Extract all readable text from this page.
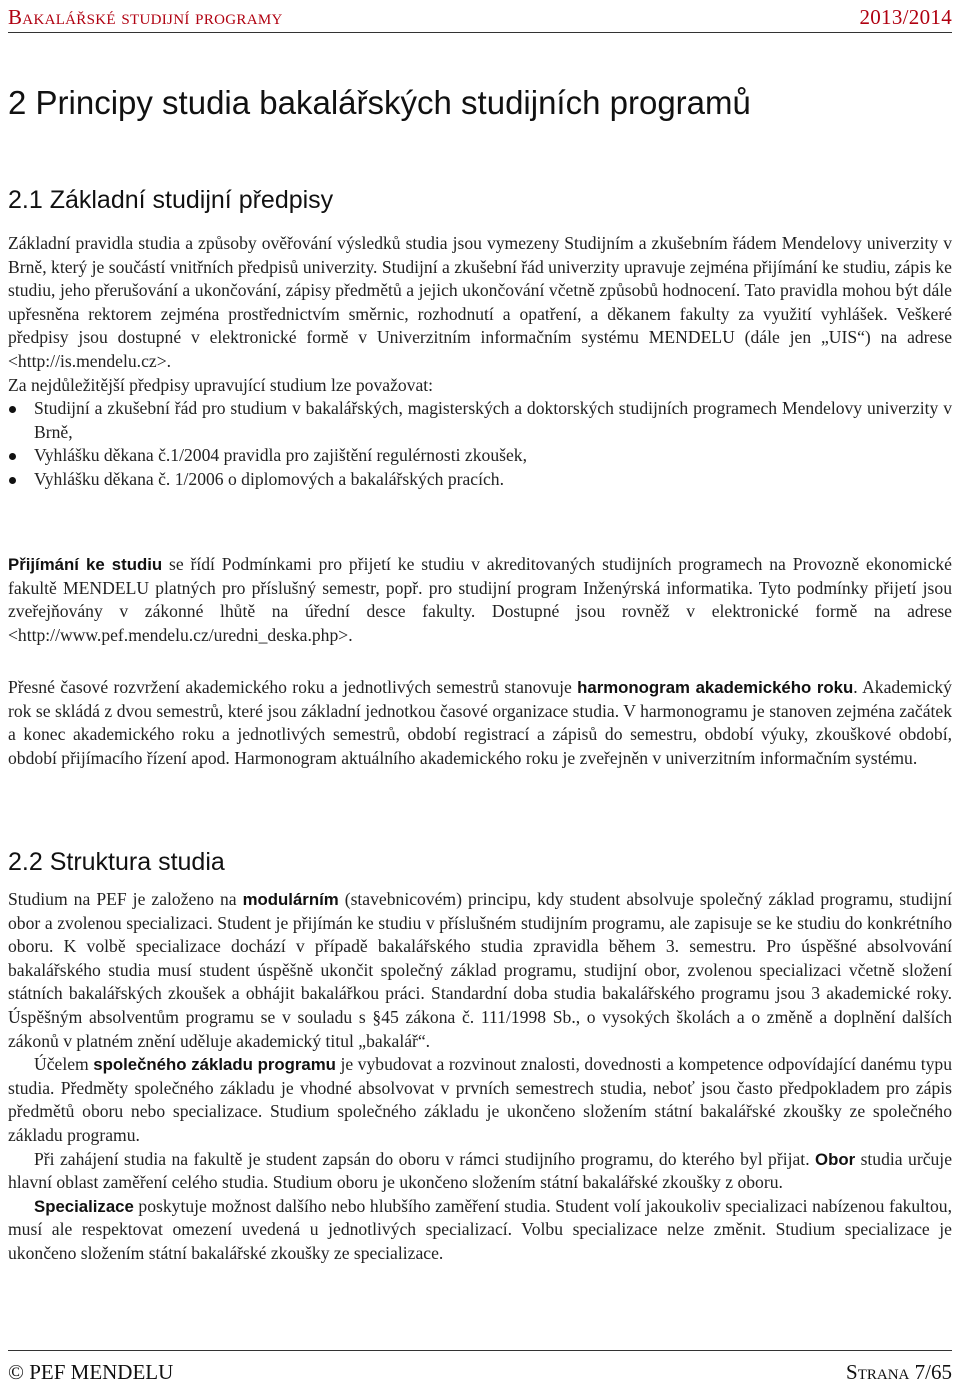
Bakalářské studijní programy	2013/2014
2 Principy studia bakalářských studijních programů
2.1 Základní studijní předpisy

Základní pravidla studia a způsoby ověřování výsledků studia jsou vymezeny Studijním a zkušebním řádem Mendelovy univerzity v Brně, který je součástí vnitřních předpisů univerzity. Studijní a zkušební řád univerzity upravuje zejména přijímání ke studiu, zápis ke studiu, jeho přerušování a ukončování, zápisy předmětů a jejich ukončování včetně způsobů hodnocení. Tato pravidla mohou být dále upřesněna rektorem zejména prostřednictvím směrnic, rozhodnutí a opatření, a děkanem fakulty za využití vyhlášek. Veškeré předpisy jsou dostupné v elektronické formě v Univerzitním informačním systému MENDELU (dále jen „UIS“) na adrese <http://is.mendelu.cz>.

Za nejdůležitější předpisy upravující studium lze považovat:

Studijní a zkušební řád pro studium v bakalářských, magisterských a doktorských studijních programech Mendelovy univerzity v Brně,
Vyhlášku děkana č.1/2004 pravidla pro zajištění regulérnosti zkoušek,
Vyhlášku děkana č. 1/2006 o diplomových a bakalářských pracích.

Přijímání ke studiu se řídí Podmínkami pro přijetí ke studiu v akreditovaných studijních programech na Provozně ekonomické fakultě MENDELU platných pro příslušný semestr, popř. pro studijní program Inženýrská informatika. Tyto podmínky přijetí jsou zveřejňovány v zákonné lhůtě na úřední desce fakulty. Dostupné jsou rovněž v elektronické formě na adrese <http://www.pef.mendelu.cz/uredni_deska.php>.

Přesné časové rozvržení akademického roku a jednotlivých semestrů stanovuje harmonogram akademického roku. Akademický rok se skládá z dvou semestrů, které jsou základní jednotkou časové organizace studia. V harmonogramu je stanoven zejména začátek a konec akademického roku a jednotlivých semestrů, období registrací a zápisů do semestru, období výuky, zkouškové období, období přijímacího řízení apod. Harmonogram aktuálního akademického roku je zveřejněn v univerzitním informačním systému.

2.2 Struktura studia

Studium na PEF je založeno na modulárním (stavebnicovém) principu, kdy student absolvuje společný základ programu, studijní obor a zvolenou specializaci. Student je přijímán ke studiu v příslušném studijním programu, ale zapisuje se ke studiu do konkrétního oboru. K volbě specializace dochází v případě bakalářského studia zpravidla během 3. semestru. Pro úspěšné absolvování bakalářského studia musí student úspěšně ukončit společný základ programu, studijní obor, zvolenou specializaci včetně složení státních bakalářských zkoušek a obhájit bakalářkou práci. Standardní doba studia bakalářského programu jsou 3 akademické roky. Úspěšným absolventům programu se v souladu s §45 zákona č. 111/1998 Sb., o vysokých školách a o změně a doplnění dalších zákonů v platném znění uděluje akademický titul „bakalář“.

Účelem společného základu programu je vybudovat a rozvinout znalosti, dovednosti a kompetence odpovídající danému typu studia. Předměty společného základu je vhodné absolvovat v prvních semestrech studia, neboť jsou často předpokladem pro zápis předmětů oboru nebo specializace. Studium společného základu je ukončeno složením státní bakalářské zkoušky ze společného základu programu.

Při zahájení studia na fakultě je student zapsán do oboru v rámci studijního programu, do kterého byl přijat. Obor studia určuje hlavní oblast zaměření celého studia. Studium oboru je ukončeno složením státní bakalářské zkoušky z oboru.

Specializace poskytuje možnost dalšího nebo hlubšího zaměření studia. Student volí jakoukoliv specializaci nabízenou fakultou, musí ale respektovat omezení uvedená u jednotlivých specializací. Volbu specializace nelze změnit. Studium specializace je ukončeno složením státní bakalářské zkoušky ze specializace.

© PEF MENDELU	Strana 7/65
